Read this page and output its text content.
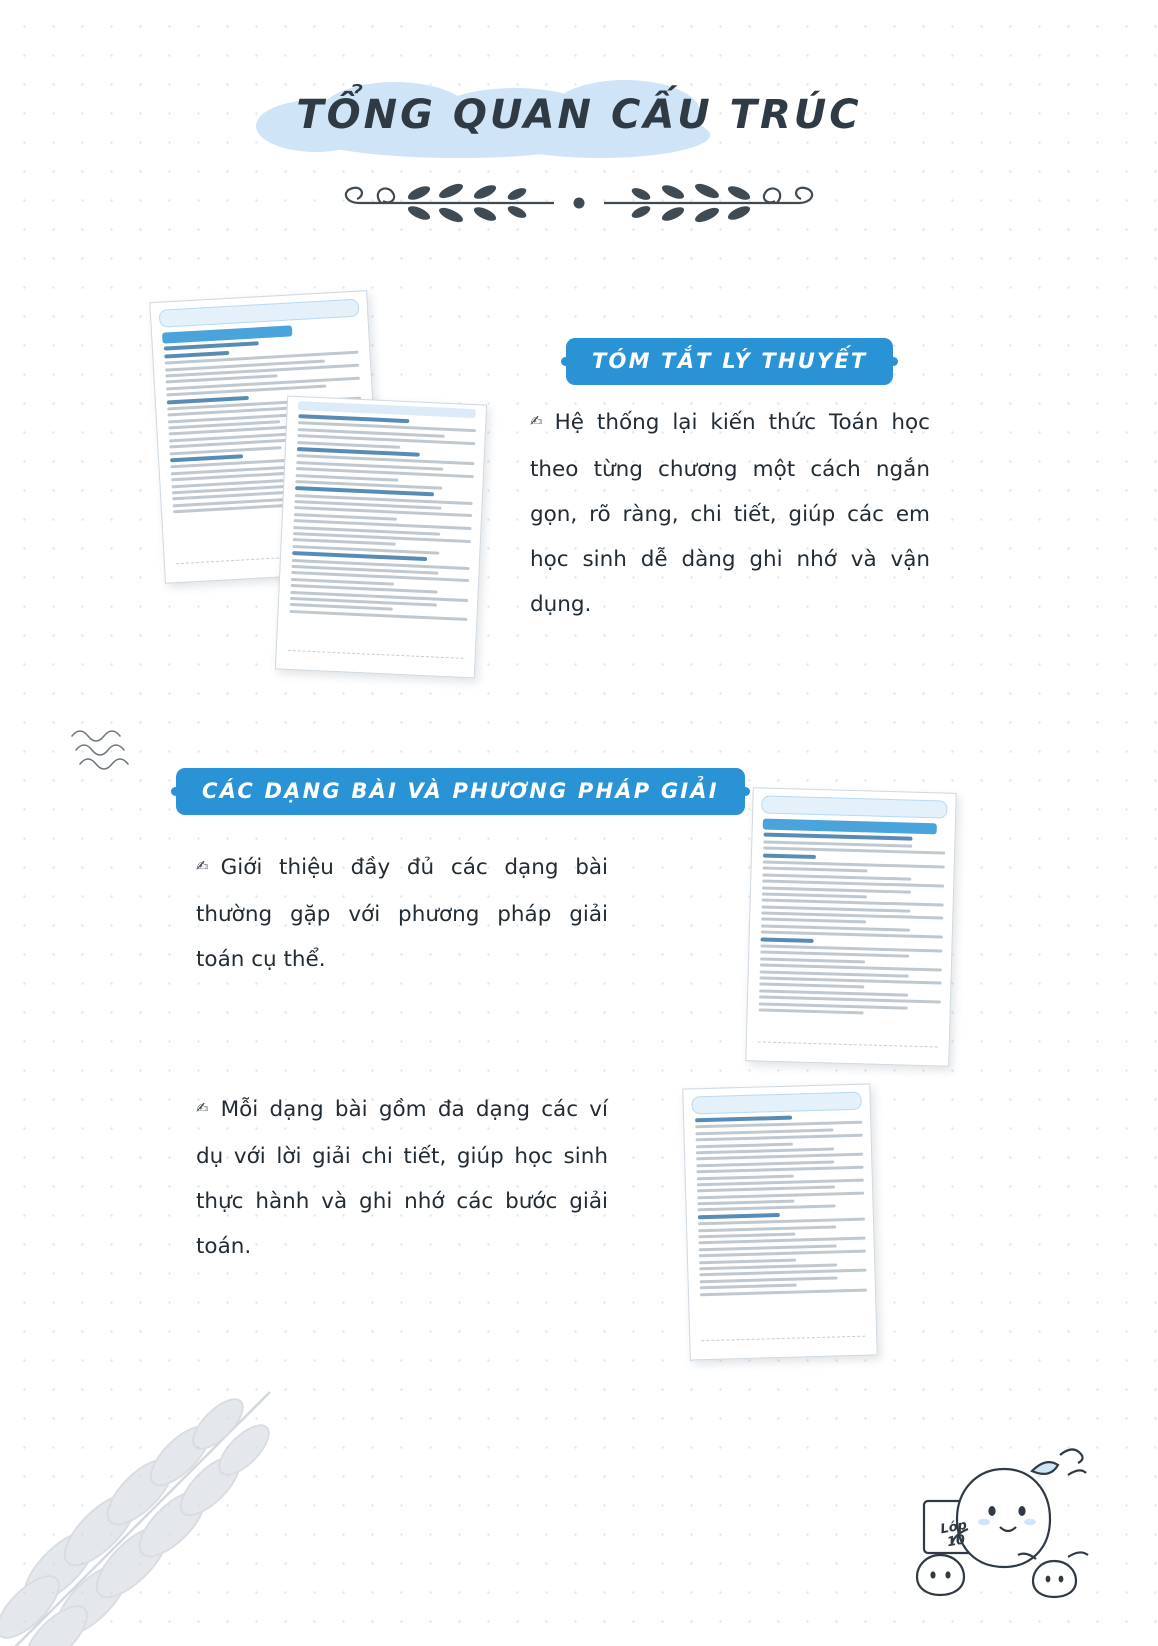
TỔNG QUAN CẤU TRÚC
TÓM TẮT LÝ THUYẾT
✍ Hệ thống lại kiến thức Toán học theo từng chương một cách ngắn gọn, rõ ràng, chi tiết, giúp các em học sinh dễ dàng ghi nhớ và vận dụng.
CÁC DẠNG BÀI VÀ PHƯƠNG PHÁP GIẢI
✍ Giới thiệu đầy đủ các dạng bài thường gặp với phương pháp giải toán cụ thể.
✍ Mỗi dạng bài gồm đa dạng các ví dụ với lời giải chi tiết, giúp học sinh thực hành và ghi nhớ các bước giải toán.
Lớp
10
